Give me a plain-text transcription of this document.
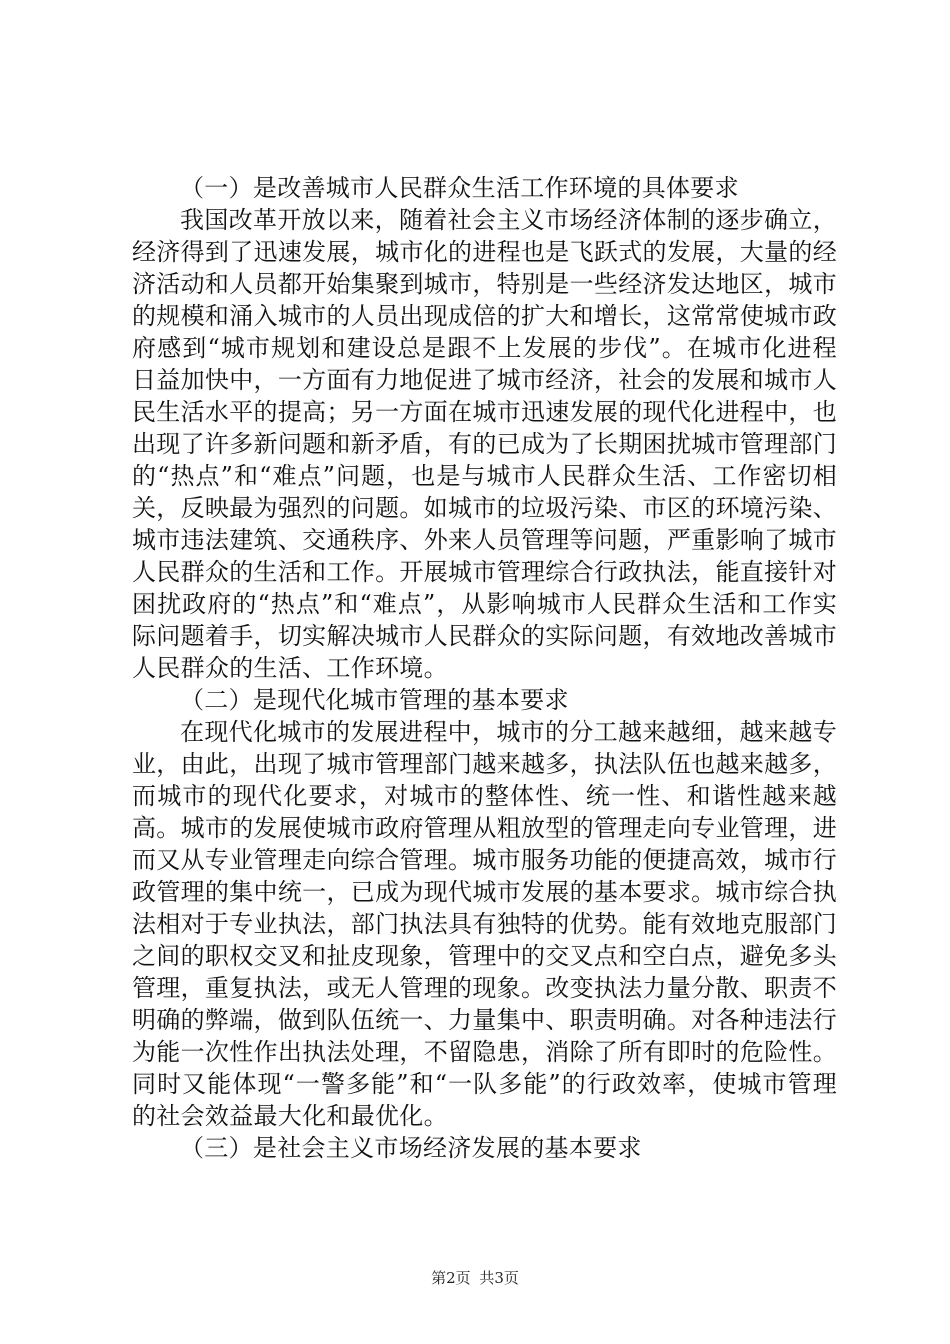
（一）是改善城市人民群众生活工作环境的具体要求

我国改革开放以来，随着社会主义市场经济体制的逐步确立，经济得到了迅速发展，城市化的进程也是飞跃式的发展，大量的经济活动和人员都开始集聚到城市，特别是一些经济发达地区，城市的规模和涌入城市的人员出现成倍的扩大和增长，这常常使城市政府感到“城市规划和建设总是跟不上发展的步伐”。在城市化进程日益加快中，一方面有力地促进了城市经济，社会的发展和城市人民生活水平的提高；另一方面在城市迅速发展的现代化进程中，也出现了许多新问题和新矛盾，有的已成为了长期困扰城市管理部门的“热点”和“难点”问题，也是与城市人民群众生活、工作密切相关，反映最为强烈的问题。如城市的垃圾污染、市区的环境污染、城市违法建筑、交通秩序、外来人员管理等问题，严重影响了城市人民群众的生活和工作。开展城市管理综合行政执法，能直接针对困扰政府的“热点”和“难点”，从影响城市人民群众生活和工作实际问题着手，切实解决城市人民群众的实际问题，有效地改善城市人民群众的生活、工作环境。

（二）是现代化城市管理的基本要求

在现代化城市的发展进程中，城市的分工越来越细，越来越专业，由此，出现了城市管理部门越来越多，执法队伍也越来越多，而城市的现代化要求，对城市的整体性、统一性、和谐性越来越高。城市的发展使城市政府管理从粗放型的管理走向专业管理，进而又从专业管理走向综合管理。城市服务功能的便捷高效，城市行政管理的集中统一，已成为现代城市发展的基本要求。城市综合执法相对于专业执法，部门执法具有独特的优势。能有效地克服部门之间的职权交叉和扯皮现象，管理中的交叉点和空白点，避免多头管理，重复执法，或无人管理的现象。改变执法力量分散、职责不明确的弊端，做到队伍统一、力量集中、职责明确。对各种违法行为能一次性作出执法处理，不留隐患，消除了所有即时的危险性。同时又能体现“一警多能”和“一队多能”的行政效率，使城市管理的社会效益最大化和最优化。

（三）是社会主义市场经济发展的基本要求

第2页 共3页
